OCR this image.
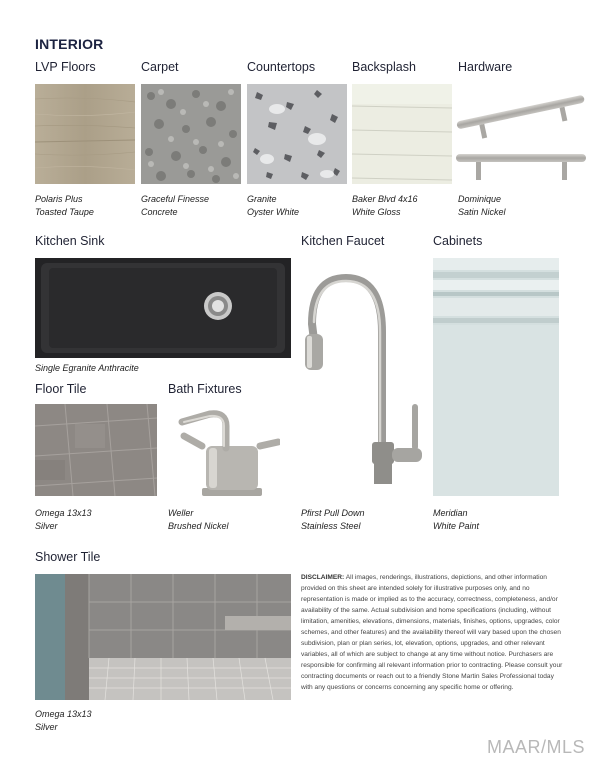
INTERIOR
LVP Floors	Carpet	Countertops	Backsplash	Hardware
Polaris Plus
Toasted Taupe
Graceful Finesse
Concrete
Granite
Oyster White
Baker Blvd 4x16
White Gloss
Dominique
Satin Nickel
Kitchen Sink	Kitchen Faucet	Cabinets
Single Egranite Anthracite
Pfirst Pull Down
Stainless Steel
Meridian
White Paint
Floor Tile	Bath Fixtures
Omega 13x13
Silver
Weller
Brushed Nickel
Shower Tile
Omega 13x13
Silver
DISCLAIMER: All images, renderings, illustrations, depictions, and other information provided on this sheet are intended solely for illustrative purposes only, and no representation is made or implied as to the accuracy, correctness, completeness, and/or availability of the same. Actual subdivision and home specifications (including, without limitation, amenities, elevations, dimensions, materials, finishes, options, upgrades, color schemes, and other features) and the availability thereof will vary based upon the chosen subdivision, plan or plan series, lot, elevation, options, upgrades, and other relevant variables, all of which are subject to change at any time without notice. Purchasers are responsible for confirming all relevant information prior to contracting. Please consult your contracting documents or reach out to a friendly Stone Martin Sales Professional today with any questions or concerns concerning any specific home or offering.
MAAR/MLS
